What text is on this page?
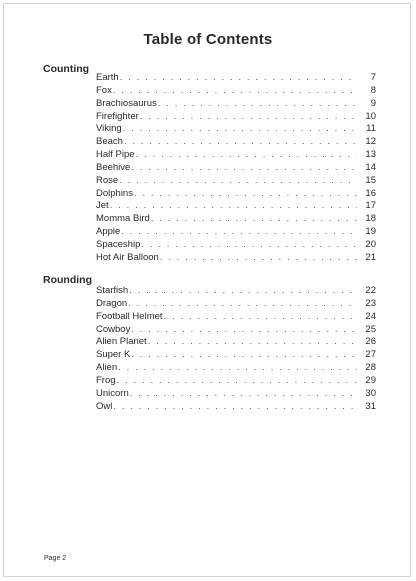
Table of Contents
Counting
Earth . . .	7
Fox . . .	8
Brachiosaurus . . .	9
Firefighter . . .	10
Viking . . .	11
Beach . . .	12
Half Pipe . . .	13
Beehive . . .	14
Rose . . .	15
Dolphins . . .	16
Jet . . .	17
Momma Bird . . .	18
Apple . . .	19
Spaceship . . .	20
Hot Air Balloon . . .	21
Rounding
Starfish . . .	22
Dragon . . .	23
Football Helmet . . .	24
Cowboy . . .	25
Alien Planet . . .	26
Super K . . .	27
Alien . . .	28
Frog . . .	29
Unicorn . . .	30
Owl . . .	31
Page 2
